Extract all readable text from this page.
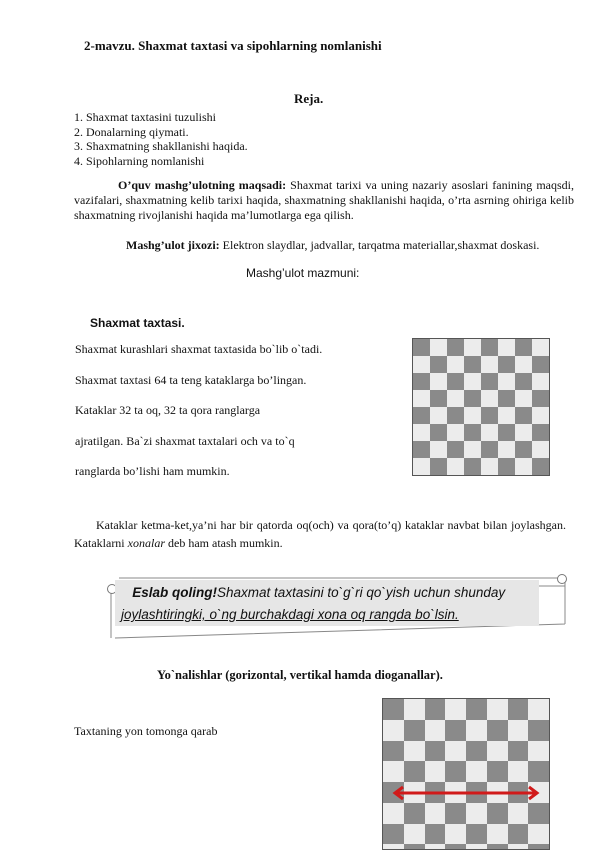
2-mavzu. Shaxmat taxtasi va sipohlarning nomlanishi
Reja.
1. Shaxmat taxtasini tuzulishi
2. Donalarning qiymati.
3. Shaxmatning shakllanishi haqida.
4. Sipohlarning nomlanishi
O’quv mashg’ulotning maqsadi: Shaxmat tarixi va uning nazariy asoslari fanining maqsdi, vazifalari, shaxmatning kelib tarixi haqida, shaxmatning shakllanishi haqida, o’rta asrning ohiriga kelib shaxmatning rivojlanishi haqida ma’lumotlarga ega qilish.
Mashg’ulot jixozi: Elektron slaydlar, jadvallar, tarqatma materiallar,shaxmat doskasi.
Mashg’ulot mazmuni:
Shaxmat taxtasi.
Shaxmat kurashlari shaxmat taxtasida bo`lib o`tadi.
Shaxmat taxtasi 64 ta teng kataklarga bo’lingan.
Kataklar 32 ta oq, 32 ta qora ranglarga
ajratilgan. Ba`zi shaxmat taxtalari och va to`q
ranglarda bo’lishi ham mumkin.
Kataklar ketma-ket,ya’ni har bir qatorda oq(och) va qora(to’q) kataklar navbat bilan joylashgan. Kataklarni xonalar deb ham atash mumkin.
Eslab qoling!Shaxmat taxtasini to`g`ri qo`yish uchun shunday
joylashtiringki, o`ng burchakdagi xona oq rangda bo`lsin.
Yo`nalishlar (gorizontal, vertikal hamda dioganallar).
Taxtaning yon tomonga qarab
